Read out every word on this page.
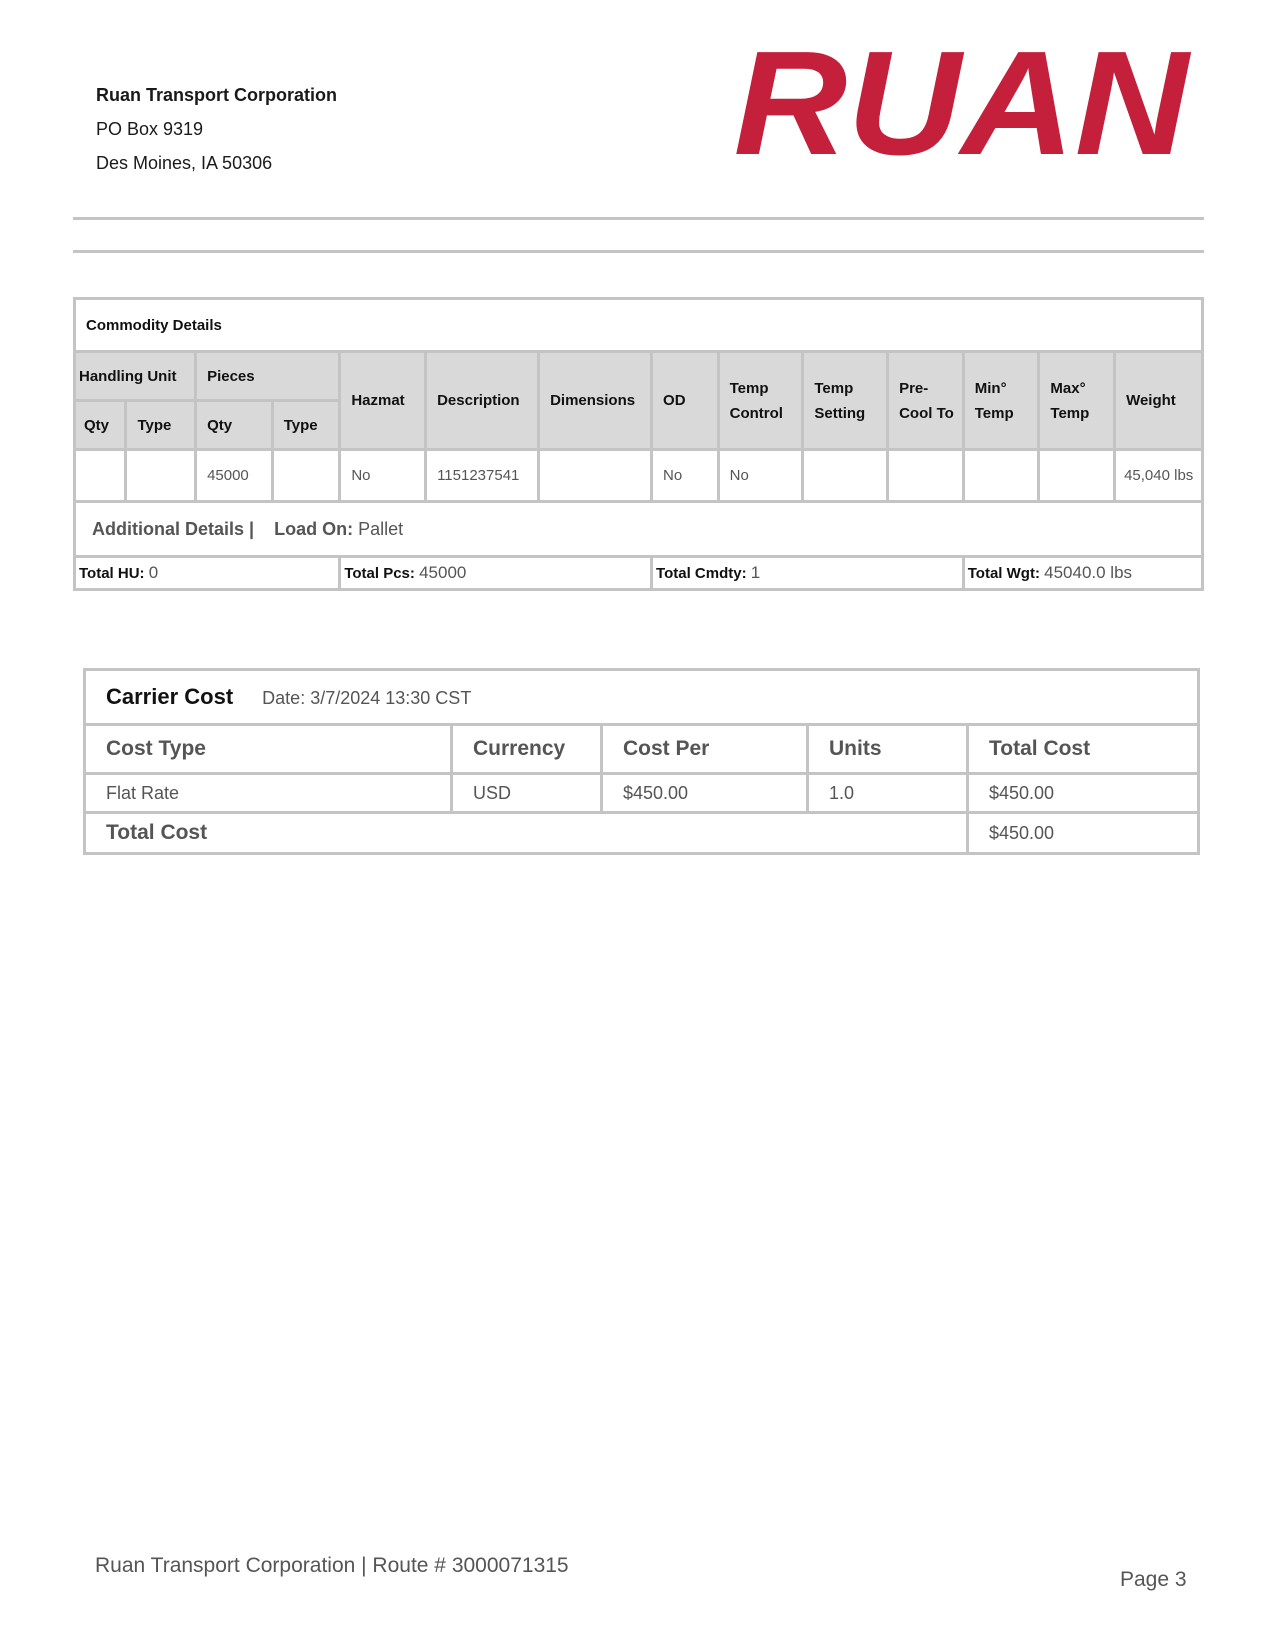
Ruan Transport Corporation
PO Box 9319
Des Moines, IA 50306	RUAN
Commodity Details													
Handling Unit		Pieces		Hazmat	Description	Dimensions	OD	Temp Control	Temp Setting	Pre-Cool To	Min° Temp	Max° Temp	Weight
Qty	Type	Qty	Type										
		45000		No	1151237541		No	No					45,040 lbs
Additional Details | Load On: Pallet													
Total HU: 0				Total Pcs: 45000			Total Cmdty: 1				Total Wgt: 45040.0 lbs		
Carrier Cost Date: 3/7/2024 13:30 CST				
Cost Type	Currency	Cost Per	Units	Total Cost
Flat Rate	USD	$450.00	1.0	$450.00
Total Cost				$450.00
Ruan Transport Corporation | Route # 3000071315
Page 3
